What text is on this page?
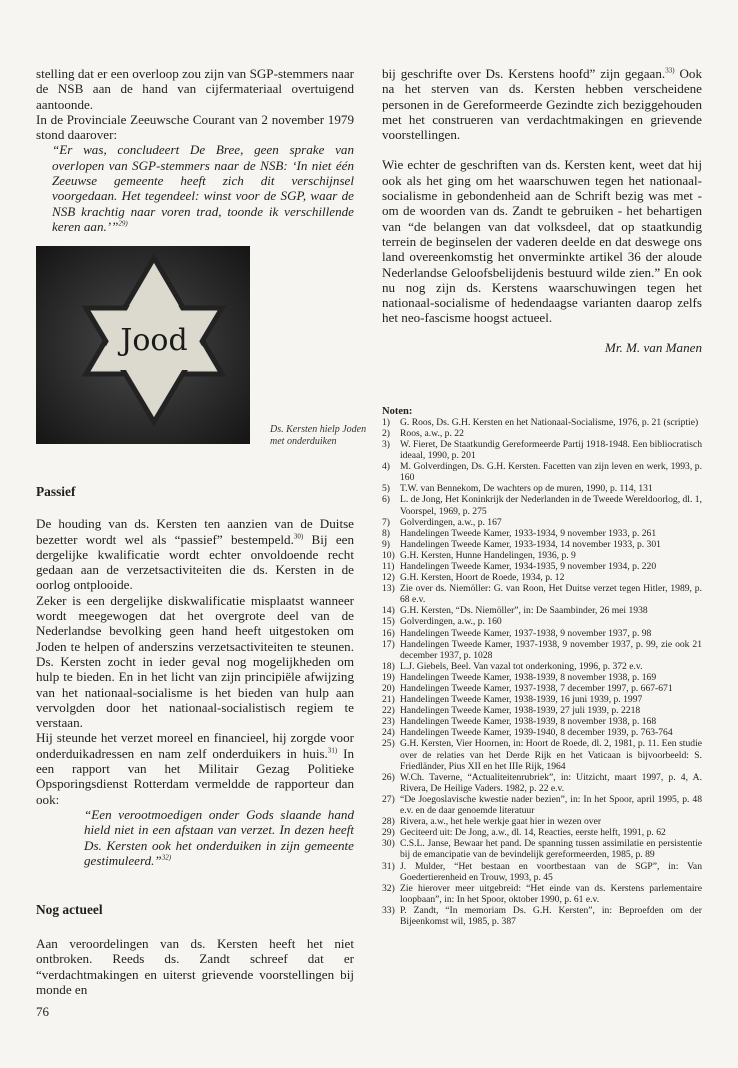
stelling dat er een overloop zou zijn van SGP-stemmers naar de NSB aan de hand van cijfermateriaal overtuigend aantoonde.

In de Provinciale Zeeuwsche Courant van 2 november 1979 stond daarover:

“Er was, concludeert De Bree, geen sprake van overlopen van SGP-stemmers naar de NSB: ‘In niet één Zeeuwse gemeente heeft zich dit verschijnsel voorgedaan. Het tegendeel: winst voor de SGP, waar de NSB krachtig naar voren trad, toonde ik verschillende keren aan.’”$^{29)}$

Jood
Passief

De houding van ds. Kersten ten aanzien van de Duitse bezetter wordt wel als “passief” bestempeld.$^{30)}$ Bij een dergelijke kwalificatie wordt echter onvoldoende recht gedaan aan de verzetsactiviteiten die ds. Kersten in de oorlog ontplooide.

Zeker is een dergelijke diskwalificatie misplaatst wanneer wordt meegewogen dat het overgrote deel van de Nederlandse bevolking geen hand heeft uitgestoken om Joden te helpen of anderszins verzetsactiviteiten te steunen. Ds. Kersten zocht in ieder geval nog mogelijkheden om hulp te bieden. En in het licht van zijn principiële afwijzing van het nationaal-socialisme is het bieden van hulp aan vervolgden door het nationaal-socialistisch regiem te verstaan.

Hij steunde het verzet moreel en financieel, hij zorgde voor onderduikadressen en nam zelf onderduikers in huis.$^{31)}$ In een rapport van het Militair Gezag Politieke Opsporingsdienst Rotterdam vermeldde de rapporteur dan ook:

“Een verootmoedigen onder Gods slaande hand hield niet in een afstaan van verzet. In dezen heeft Ds. Kersten ook het onderduiken in zijn gemeente gestimuleerd.”$^{32)}$

Nog actueel

Aan veroordelingen van ds. Kersten heeft het niet ontbroken. Reeds ds. Zandt schreef dat er “verdachtmakingen en uiterst grievende voorstellingen bij monde en

Ds. Kersten hielp Joden met onderduiken

bij geschrifte over Ds. Kerstens hoofd” zijn gegaan.$^{33)}$ Ook na het sterven van ds. Kersten hebben verscheidene personen in de Gereformeerde Gezindte zich beziggehouden met het construeren van verdachtmakingen en grievende voorstellingen.

Wie echter de geschriften van ds. Kersten kent, weet dat hij ook als het ging om het waarschuwen tegen het nationaal-socialisme in gebondenheid aan de Schrift bezig was met - om de woorden van ds. Zandt te gebruiken - het behartigen van “de belangen van dat volksdeel, dat op staatkundig terrein de beginselen der vaderen deelde en dat deswege ons land overeenkomstig het onverminkte artikel 36 der aloude Nederlandse Geloofsbelijdenis bestuurd wilde zien.” En ook nu nog zijn ds. Kerstens waarschuwingen tegen het nationaal-socialisme of hedendaagse varianten daarop zelfs het neo-fascisme hoogst actueel.

Mr. M. van Manen
Noten:
1)	G. Roos, Ds. G.H. Kersten en het Nationaal-Socialisme, 1976, p. 21 (scriptie)
2)	Roos, a.w., p. 22
3)	W. Fieret, De Staatkundig Gereformeerde Partij 1918-1948. Een bibliocratisch ideaal, 1990, p. 201
4)	M. Golverdingen, Ds. G.H. Kersten. Facetten van zijn leven en werk, 1993, p. 160
5)	T.W. van Bennekom, De wachters op de muren, 1990, p. 114, 131
6)	L. de Jong, Het Koninkrijk der Nederlanden in de Tweede Wereldoorlog, dl. 1, Voorspel, 1969, p. 275
7)	Golverdingen, a.w., p. 167
8)	Handelingen Tweede Kamer, 1933-1934, 9 november 1933, p. 261
9)	Handelingen Tweede Kamer, 1933-1934, 14 november 1933, p. 301
10) G.H. Kersten, Hunne Handelingen, 1936, p. 9
11) Handelingen Tweede Kamer, 1934-1935, 9 november 1934, p. 220
12) G.H. Kersten, Hoort de Roede, 1934, p. 12
13) Zie over ds. Niemöller: G. van Roon, Het Duitse verzet tegen Hitler, 1989, p. 68 e.v.
14) G.H. Kersten, “Ds. Niemöller”, in: De Saambinder, 26 mei 1938
15) Golverdingen, a.w., p. 160
16) Handelingen Tweede Kamer, 1937-1938, 9 november 1937, p. 98
17) Handelingen Tweede Kamer, 1937-1938, 9 november 1937, p. 99, zie ook 21 december 1937, p. 1028
18) L.J. Giebels, Beel. Van vazal tot onderkoning, 1996, p. 372 e.v.
19) Handelingen Tweede Kamer, 1938-1939, 8 november 1938, p. 169
20) Handelingen Tweede Kamer, 1937-1938, 7 december 1997, p. 667-671
21) Handelingen Tweede Kamer, 1938-1939, 16 juni 1939, p. 1997
22) Handelingen Tweede Kamer, 1938-1939, 27 juli 1939, p. 2218
23) Handelingen Tweede Kamer, 1938-1939, 8 november 1938, p. 168
24) Handelingen Tweede Kamer, 1939-1940, 8 december 1939, p. 763-764
25) G.H. Kersten, Vier Hoornen, in: Hoort de Roede, dl. 2, 1981, p. 11. Een studie over de relaties van het Derde Rijk en het Vaticaan is bijvoorbeeld: S. Friedländer, Pius XII en het IIIe Rijk, 1964
26) W.Ch. Taverne, “Actualiteitenrubriek”, in: Uitzicht, maart 1997, p. 4, A. Rivera, De Heilige Vaders. 1982, p. 22 e.v.
27) “De Joegoslavische kwestie nader bezien”, in: In het Spoor, april 1995, p. 48 e.v. en de daar genoemde literatuur
28) Rivera, a.w., het hele werkje gaat hier in wezen over
29) Geciteerd uit: De Jong, a.w., dl. 14, Reacties, eerste helft, 1991, p. 62
30) C.S.L. Janse, Bewaar het pand. De spanning tussen assimilatie en persistentie bij de emancipatie van de bevindelijk gereformeerden, 1985, p. 89
31) J. Mulder, “Het bestaan en voortbestaan van de SGP”, in: Van Goedertierenheid en Trouw, 1993, p. 45
32) Zie hierover meer uitgebreid: “Het einde van ds. Kerstens parlementaire loopbaan”, in: In het Spoor, oktober 1990, p. 61 e.v.
33) P. Zandt, “In memoriam Ds. G.H. Kersten”, in: Beproefden om der Bijeenkomst wil, 1985, p. 387
76
